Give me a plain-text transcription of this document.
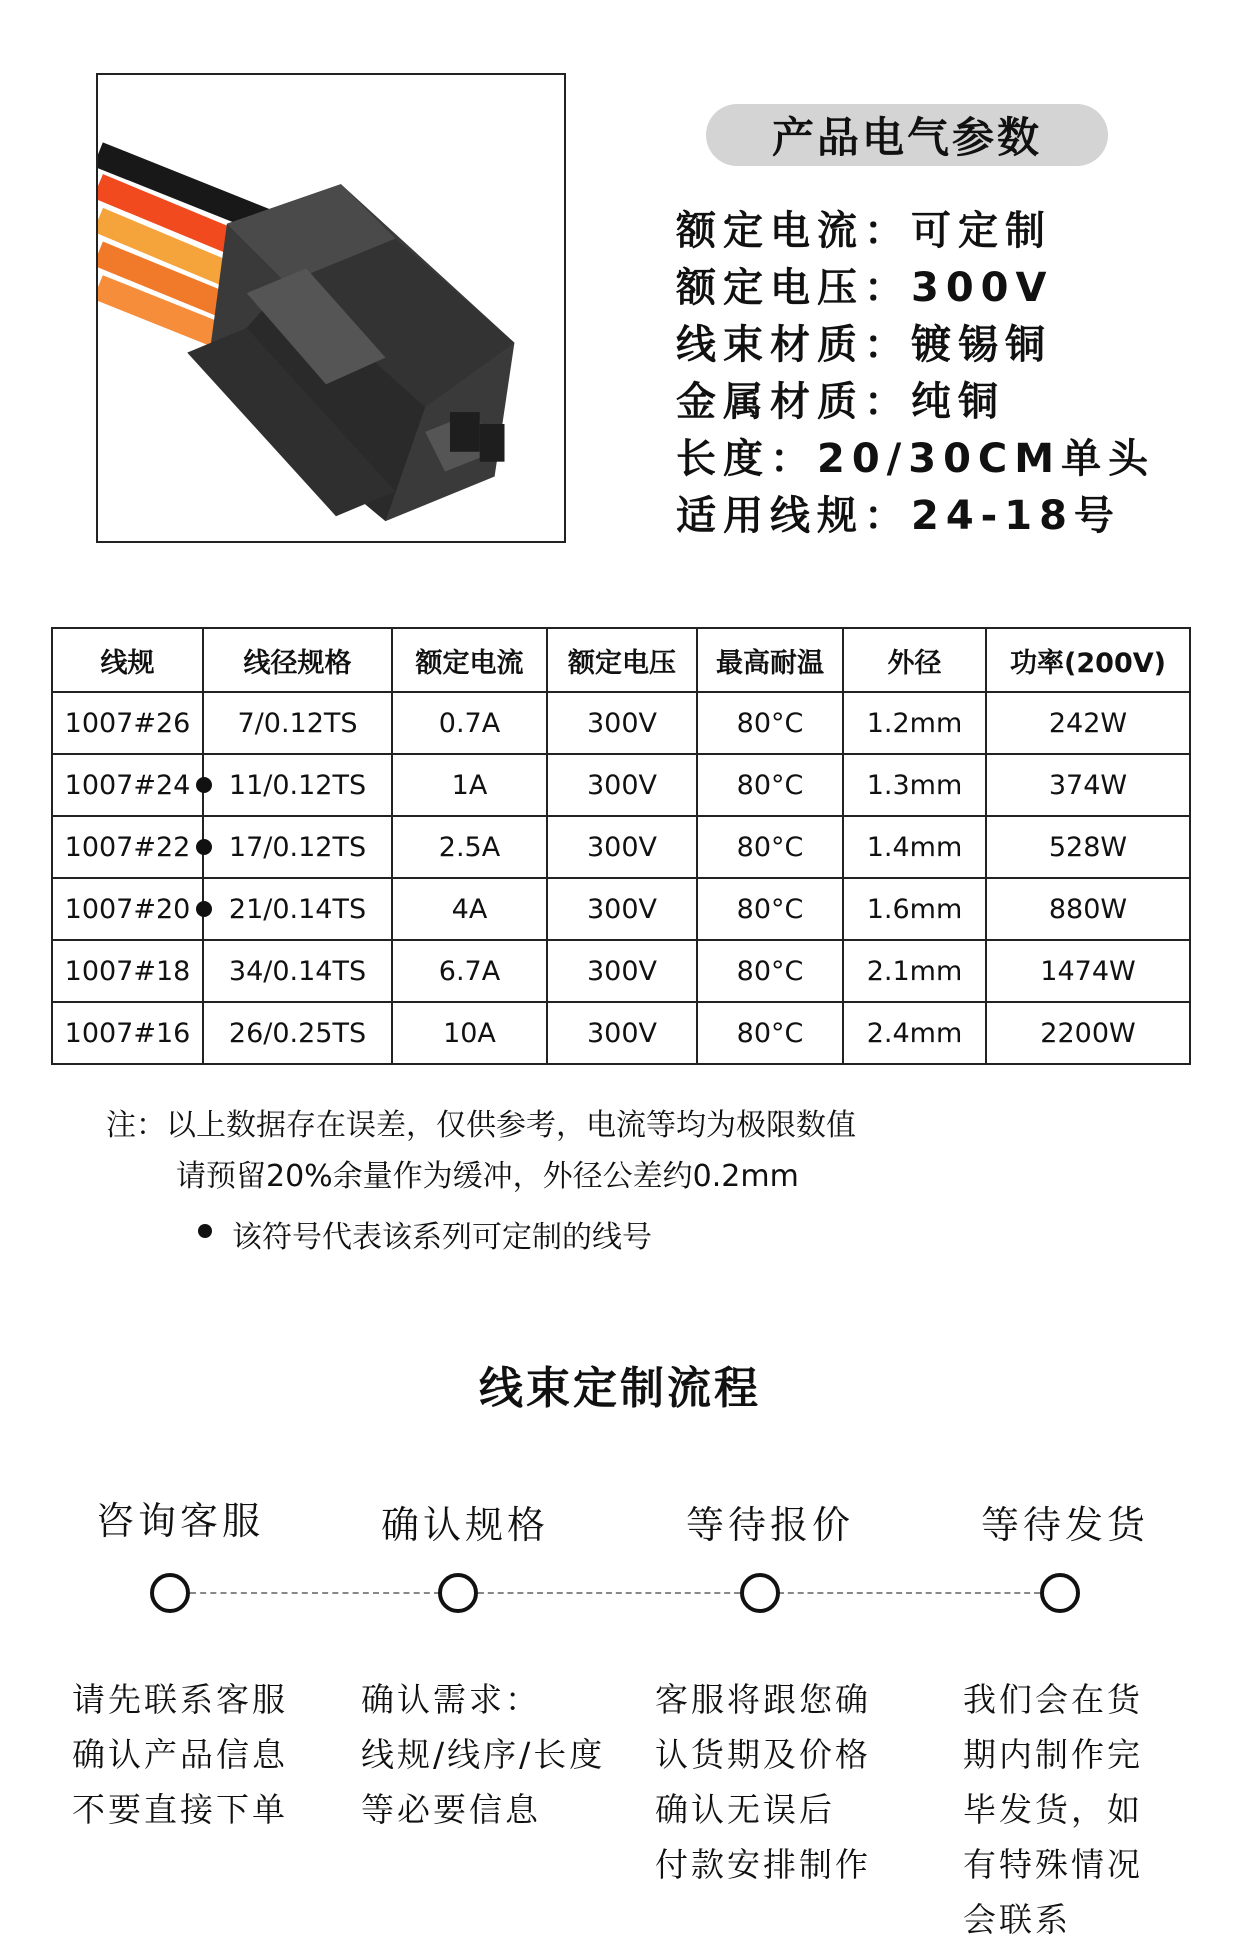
产品电气参数
额定电流：可定制
额定电压：300V
线束材质：镀锡铜
金属材质：纯铜
长度：20/30CM单头
适用线规：24-18号
线规	线径规格	额定电流	额定电压	最高耐温	外径	功率(200V)
1007#26	7/0.12TS	0.7A	300V	80°C	1.2mm	242W
1007#24	11/0.12TS	1A	300V	80°C	1.3mm	374W
1007#22	17/0.12TS	2.5A	300V	80°C	1.4mm	528W
1007#20	21/0.14TS	4A	300V	80°C	1.6mm	880W
1007#18	34/0.14TS	6.7A	300V	80°C	2.1mm	1474W
1007#16	26/0.25TS	10A	300V	80°C	2.4mm	2200W
注：以上数据存在误差，仅供参考，电流等均为极限数值
请预留20%余量作为缓冲，外径公差约0.2mm
该符号代表该系列可定制的线号
线束定制流程
咨询客服	确认规格	等待报价	等待发货
请先联系客服
确认产品信息
不要直接下单
确认需求：
线规/线序/长度
等必要信息
客服将跟您确
认货期及价格
确认无误后
付款安排制作
我们会在货
期内制作完
毕发货，如
有特殊情况
会联系
